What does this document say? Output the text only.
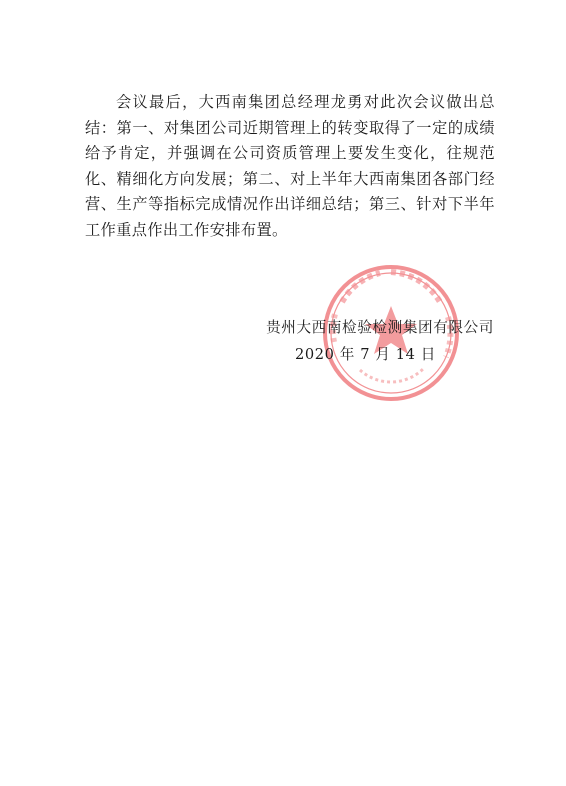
会议最后，大西南集团总经理龙勇对此次会议做出总结：第一、对集团公司近期管理上的转变取得了一定的成绩给予肯定，并强调在公司资质管理上要发生变化，往规范化、精细化方向发展；第二、对上半年大西南集团各部门经营、生产等指标完成情况作出详细总结；第三、针对下半年工作重点作出工作安排布置。

贵州大西南检验检测集团有限公司

2020 年 7 月 14 日
